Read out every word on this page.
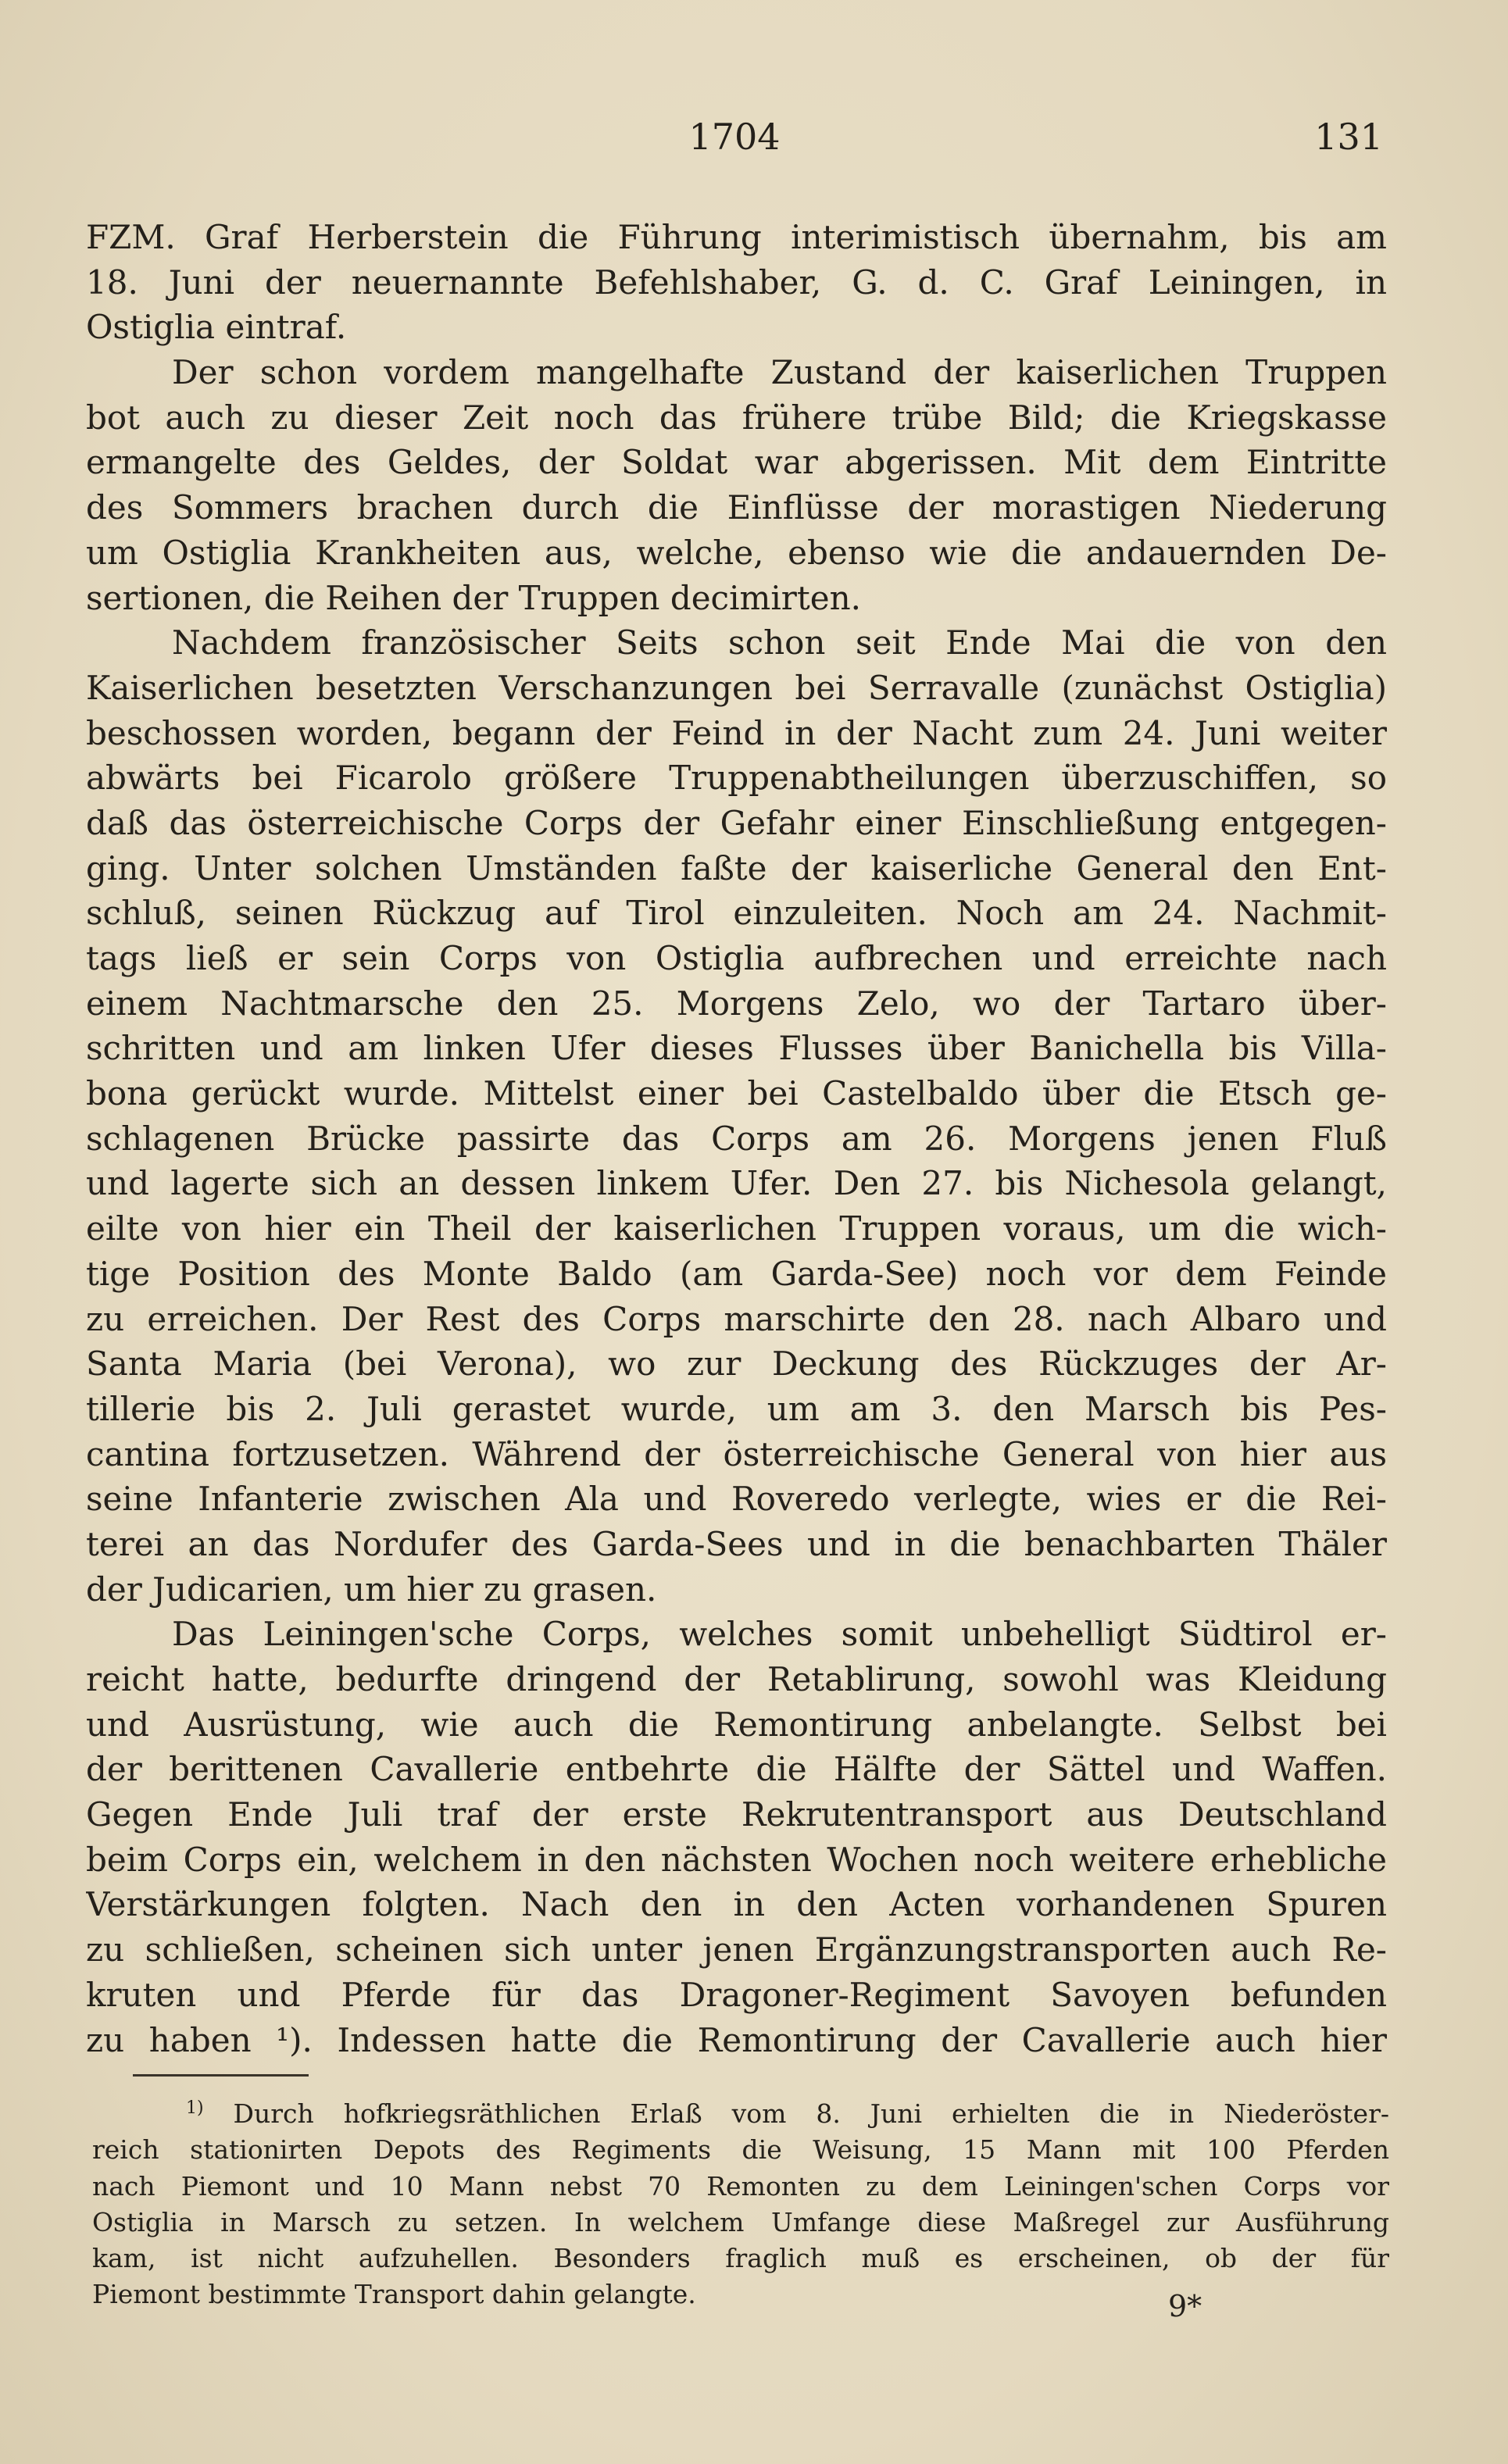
1704	131
FZM. Graf Herberstein die Führung interimistisch übernahm, bis am
18. Juni der neuernannte Befehlshaber, G. d. C. Graf Leiningen, in
Ostiglia eintraf.
Der schon vordem mangelhafte Zustand der kaiserlichen Truppen
bot auch zu dieser Zeit noch das frühere trübe Bild; die Kriegskasse
ermangelte des Geldes, der Soldat war abgerissen. Mit dem Eintritte
des Sommers brachen durch die Einflüsse der morastigen Niederung
um Ostiglia Krankheiten aus, welche, ebenso wie die andauernden De-
sertionen, die Reihen der Truppen decimirten.
Nachdem französischer Seits schon seit Ende Mai die von den
Kaiserlichen besetzten Verschanzungen bei Serravalle (zunächst Ostiglia)
beschossen worden, begann der Feind in der Nacht zum 24. Juni weiter
abwärts bei Ficarolo größere Truppenabtheilungen überzuschiffen, so
daß das österreichische Corps der Gefahr einer Einschließung entgegen-
ging. Unter solchen Umständen faßte der kaiserliche General den Ent-
schluß, seinen Rückzug auf Tirol einzuleiten. Noch am 24. Nachmit-
tags ließ er sein Corps von Ostiglia aufbrechen und erreichte nach
einem Nachtmarsche den 25. Morgens Zelo, wo der Tartaro über-
schritten und am linken Ufer dieses Flusses über Banichella bis Villa-
bona gerückt wurde. Mittelst einer bei Castelbaldo über die Etsch ge-
schlagenen Brücke passirte das Corps am 26. Morgens jenen Fluß
und lagerte sich an dessen linkem Ufer. Den 27. bis Nichesola gelangt,
eilte von hier ein Theil der kaiserlichen Truppen voraus, um die wich-
tige Position des Monte Baldo (am Garda-See) noch vor dem Feinde
zu erreichen. Der Rest des Corps marschirte den 28. nach Albaro und
Santa Maria (bei Verona), wo zur Deckung des Rückzuges der Ar-
tillerie bis 2. Juli gerastet wurde, um am 3. den Marsch bis Pes-
cantina fortzusetzen. Während der österreichische General von hier aus
seine Infanterie zwischen Ala und Roveredo verlegte, wies er die Rei-
terei an das Nordufer des Garda-Sees und in die benachbarten Thäler
der Judicarien, um hier zu grasen.
Das Leiningen'sche Corps, welches somit unbehelligt Südtirol er-
reicht hatte, bedurfte dringend der Retablirung, sowohl was Kleidung
und Ausrüstung, wie auch die Remontirung anbelangte. Selbst bei
der berittenen Cavallerie entbehrte die Hälfte der Sättel und Waffen.
Gegen Ende Juli traf der erste Rekrutentransport aus Deutschland
beim Corps ein, welchem in den nächsten Wochen noch weitere erhebliche
Verstärkungen folgten. Nach den in den Acten vorhandenen Spuren
zu schließen, scheinen sich unter jenen Ergänzungstransporten auch Re-
kruten und Pferde für das Dragoner-Regiment Savoyen befunden
zu haben ¹). Indessen hatte die Remontirung der Cavallerie auch hier
$^{1)}$ Durch hofkriegsräthlichen Erlaß vom 8. Juni erhielten die in Niederöster-
reich stationirten Depots des Regiments die Weisung, 15 Mann mit 100 Pferden
nach Piemont und 10 Mann nebst 70 Remonten zu dem Leiningen'schen Corps vor
Ostiglia in Marsch zu setzen. In welchem Umfange diese Maßregel zur Ausführung
kam, ist nicht aufzuhellen. Besonders fraglich muß es erscheinen, ob der für
Piemont bestimmte Transport dahin gelangte.	9*
